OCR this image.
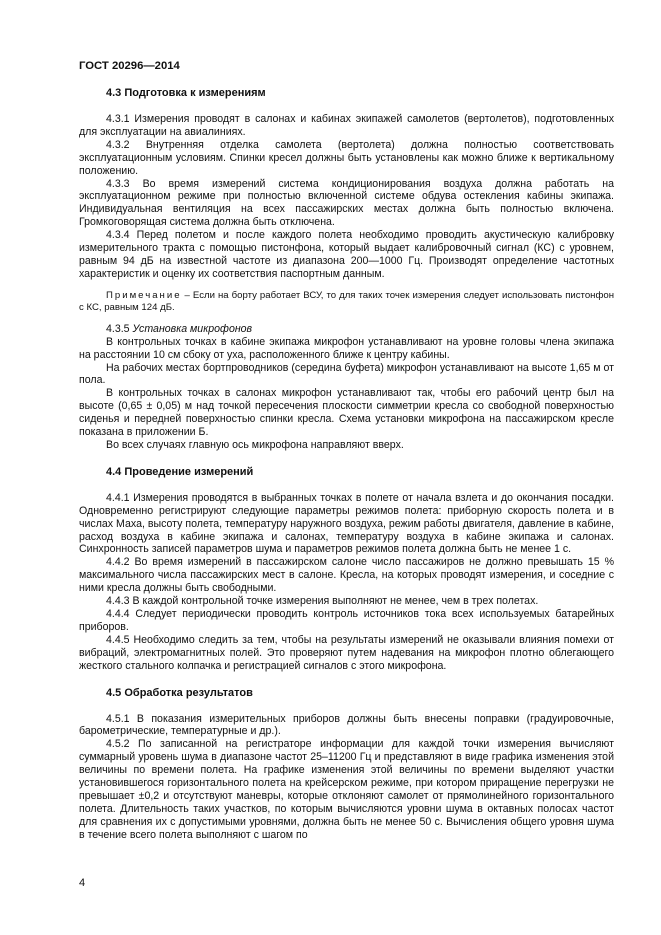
ГОСТ 20296—2014
4.3 Подготовка к измерениям

4.3.1 Измерения проводят в салонах и кабинах экипажей самолетов (вертолетов), подготовленных для эксплуатации на авиалиниях.

4.3.2 Внутренняя отделка самолета (вертолета) должна полностью соответствовать эксплуатационным условиям. Спинки кресел должны быть установлены как можно ближе к вертикальному положению.

4.3.3 Во время измерений система кондиционирования воздуха должна работать на эксплуатационном режиме при полностью включенной системе обдува остекления кабины экипажа. Индивидуальная вентиляция на всех пассажирских местах должна быть полностью включена. Громкоговорящая система должна быть отключена.

4.3.4 Перед полетом и после каждого полета необходимо проводить акустическую калибровку измерительного тракта с помощью пистонфона, который выдает калибровочный сигнал (КС) с уровнем, равным 94 дБ на известной частоте из диапазона 200—1000 Гц. Производят определение частотных характеристик и оценку их соответствия паспортным данным.

Примечание – Если на борту работает ВСУ, то для таких точек измерения следует использовать пистонфон с КС, равным 124 дБ.

4.3.5 Установка микрофонов

В контрольных точках в кабине экипажа микрофон устанавливают на уровне головы члена экипажа на расстоянии 10 см сбоку от уха, расположенного ближе к центру кабины.

На рабочих местах бортпроводников (середина буфета) микрофон устанавливают на высоте 1,65 м от пола.

В контрольных точках в салонах микрофон устанавливают так, чтобы его рабочий центр был на высоте (0,65 ± 0,05) м над точкой пересечения плоскости симметрии кресла со свободной поверхностью сиденья и передней поверхностью спинки кресла. Схема установки микрофона на пассажирском кресле показана в приложении Б.

Во всех случаях главную ось микрофона направляют вверх.

4.4 Проведение измерений

4.4.1 Измерения проводятся в выбранных точках в полете от начала взлета и до окончания посадки. Одновременно регистрируют следующие параметры режимов полета: приборную скорость полета и в числах Маха, высоту полета, температуру наружного воздуха, режим работы двигателя, давление в кабине, расход воздуха в кабине экипажа и салонах, температуру воздуха в кабине экипажа и салонах. Синхронность записей параметров шума и параметров режимов полета должна быть не менее 1 с.

4.4.2 Во время измерений в пассажирском салоне число пассажиров не должно превышать 15 % максимального числа пассажирских мест в салоне. Кресла, на которых проводят измерения, и соседние с ними кресла должны быть свободными.

4.4.3 В каждой контрольной точке измерения выполняют не менее, чем в трех полетах.

4.4.4 Следует периодически проводить контроль источников тока всех используемых батарейных приборов.

4.4.5 Необходимо следить за тем, чтобы на результаты измерений не оказывали влияния помехи от вибраций, электромагнитных полей. Это проверяют путем надевания на микрофон плотно облегающего жесткого стального колпачка и регистрацией сигналов с этого микрофона.

4.5 Обработка результатов

4.5.1 В показания измерительных приборов должны быть внесены поправки (градуировочные, барометрические, температурные и др.).

4.5.2 По записанной на регистраторе информации для каждой точки измерения вычисляют суммарный уровень шума в диапазоне частот 25–11200 Гц и представляют в виде графика изменения этой величины по времени полета. На графике изменения этой величины по времени выделяют участки установившегося горизонтального полета на крейсерском режиме, при котором приращение перегрузки не превышает ±0,2 и отсутствуют маневры, которые отклоняют самолет от прямолинейного горизонтального полета. Длительность таких участков, по которым вычисляются уровни шума в октавных полосах частот для сравнения их с допустимыми уровнями, должна быть не менее 50 с. Вычисления общего уровня шума в течение всего полета выполняют с шагом по

4
